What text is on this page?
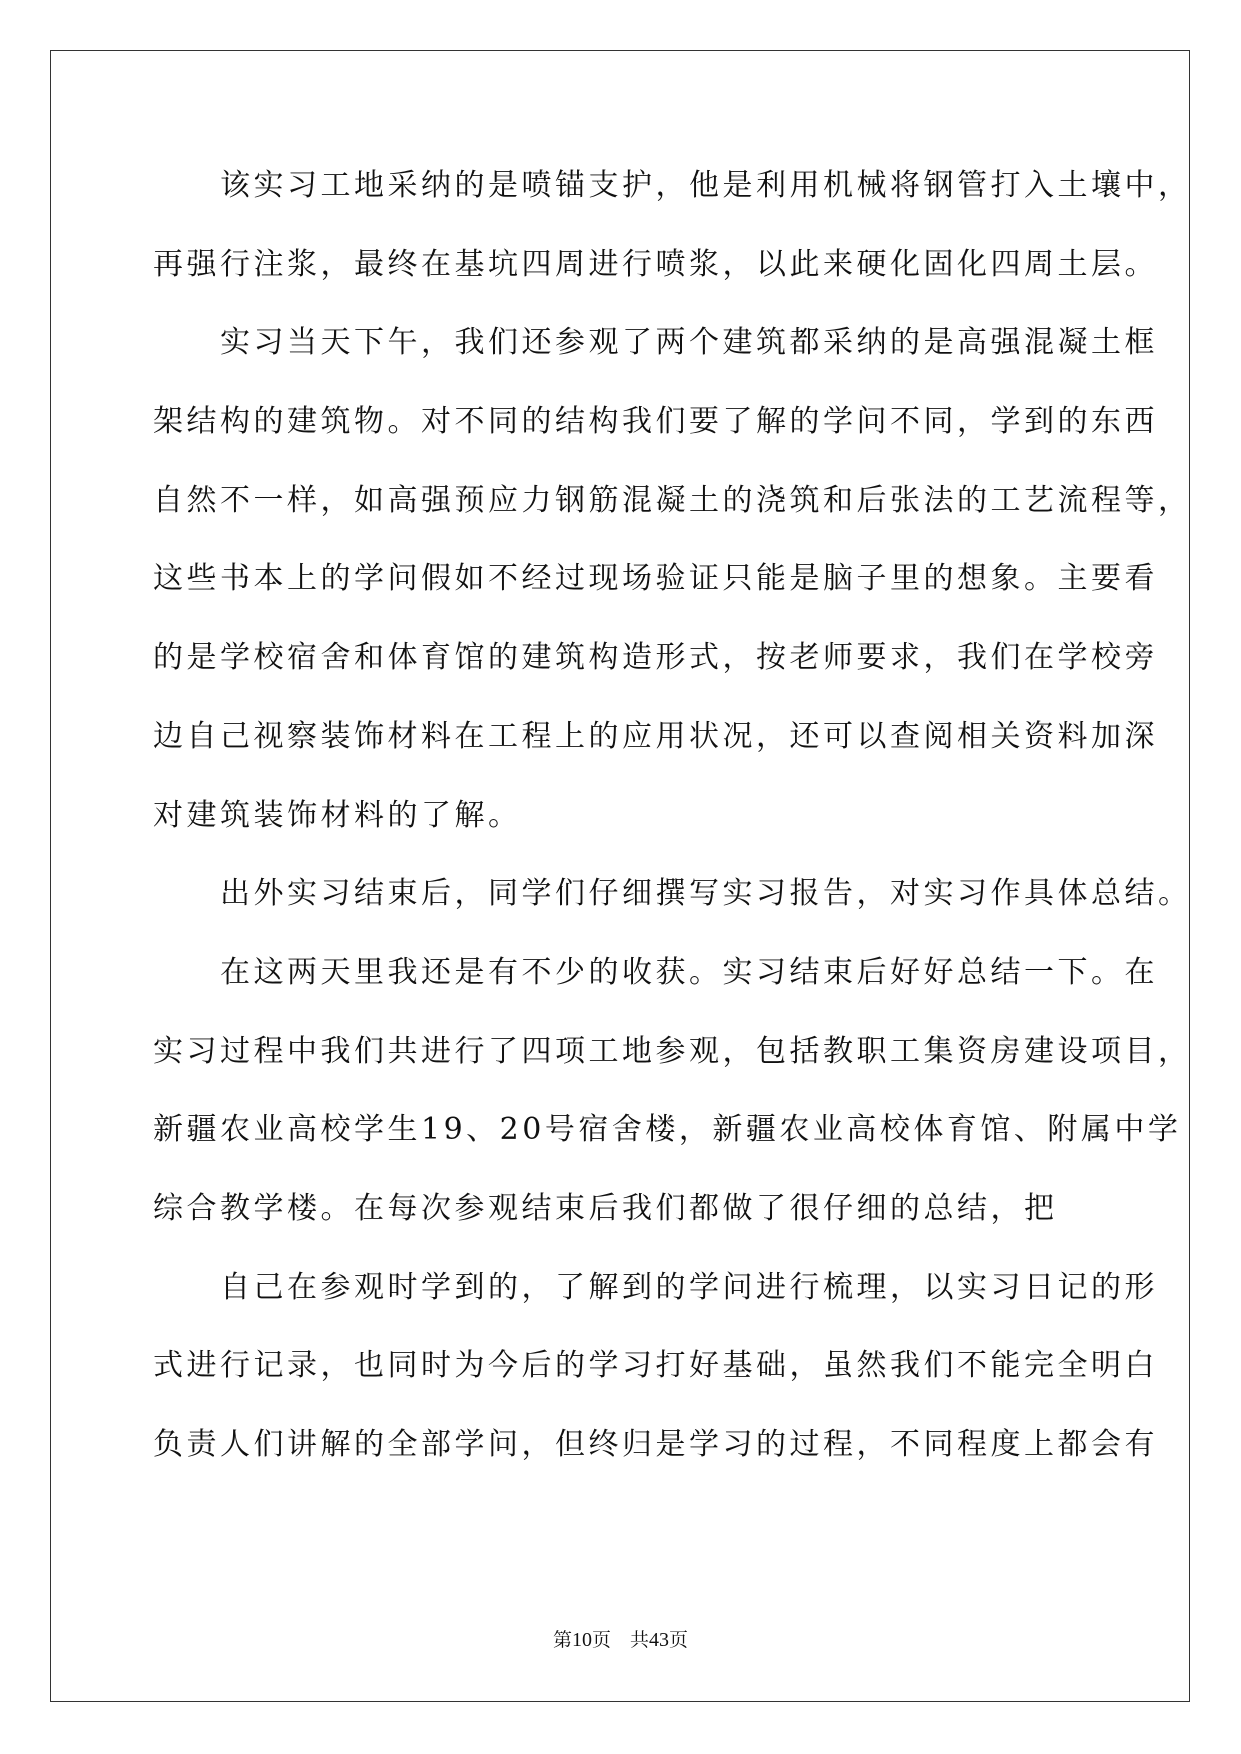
　　该实习工地采纳的是喷锚支护，他是利用机械将钢管打入土壤中，
再强行注浆，最终在基坑四周进行喷浆，以此来硬化固化四周土层。
　　实习当天下午，我们还参观了两个建筑都采纳的是高强混凝土框
架结构的建筑物。对不同的结构我们要了解的学问不同，学到的东西
自然不一样，如高强预应力钢筋混凝土的浇筑和后张法的工艺流程等，
这些书本上的学问假如不经过现场验证只能是脑子里的想象。主要看
的是学校宿舍和体育馆的建筑构造形式，按老师要求，我们在学校旁
边自己视察装饰材料在工程上的应用状况，还可以查阅相关资料加深
对建筑装饰材料的了解。
　　出外实习结束后，同学们仔细撰写实习报告，对实习作具体总结。
　　在这两天里我还是有不少的收获。实习结束后好好总结一下。在
实习过程中我们共进行了四项工地参观，包括教职工集资房建设项目，
新疆农业高校学生19、20号宿舍楼，新疆农业高校体育馆、附属中学
综合教学楼。在每次参观结束后我们都做了很仔细的总结，把
　　自己在参观时学到的，了解到的学问进行梳理，以实习日记的形
式进行记录，也同时为今后的学习打好基础，虽然我们不能完全明白
负责人们讲解的全部学问，但终归是学习的过程，不同程度上都会有
第10页　共43页
